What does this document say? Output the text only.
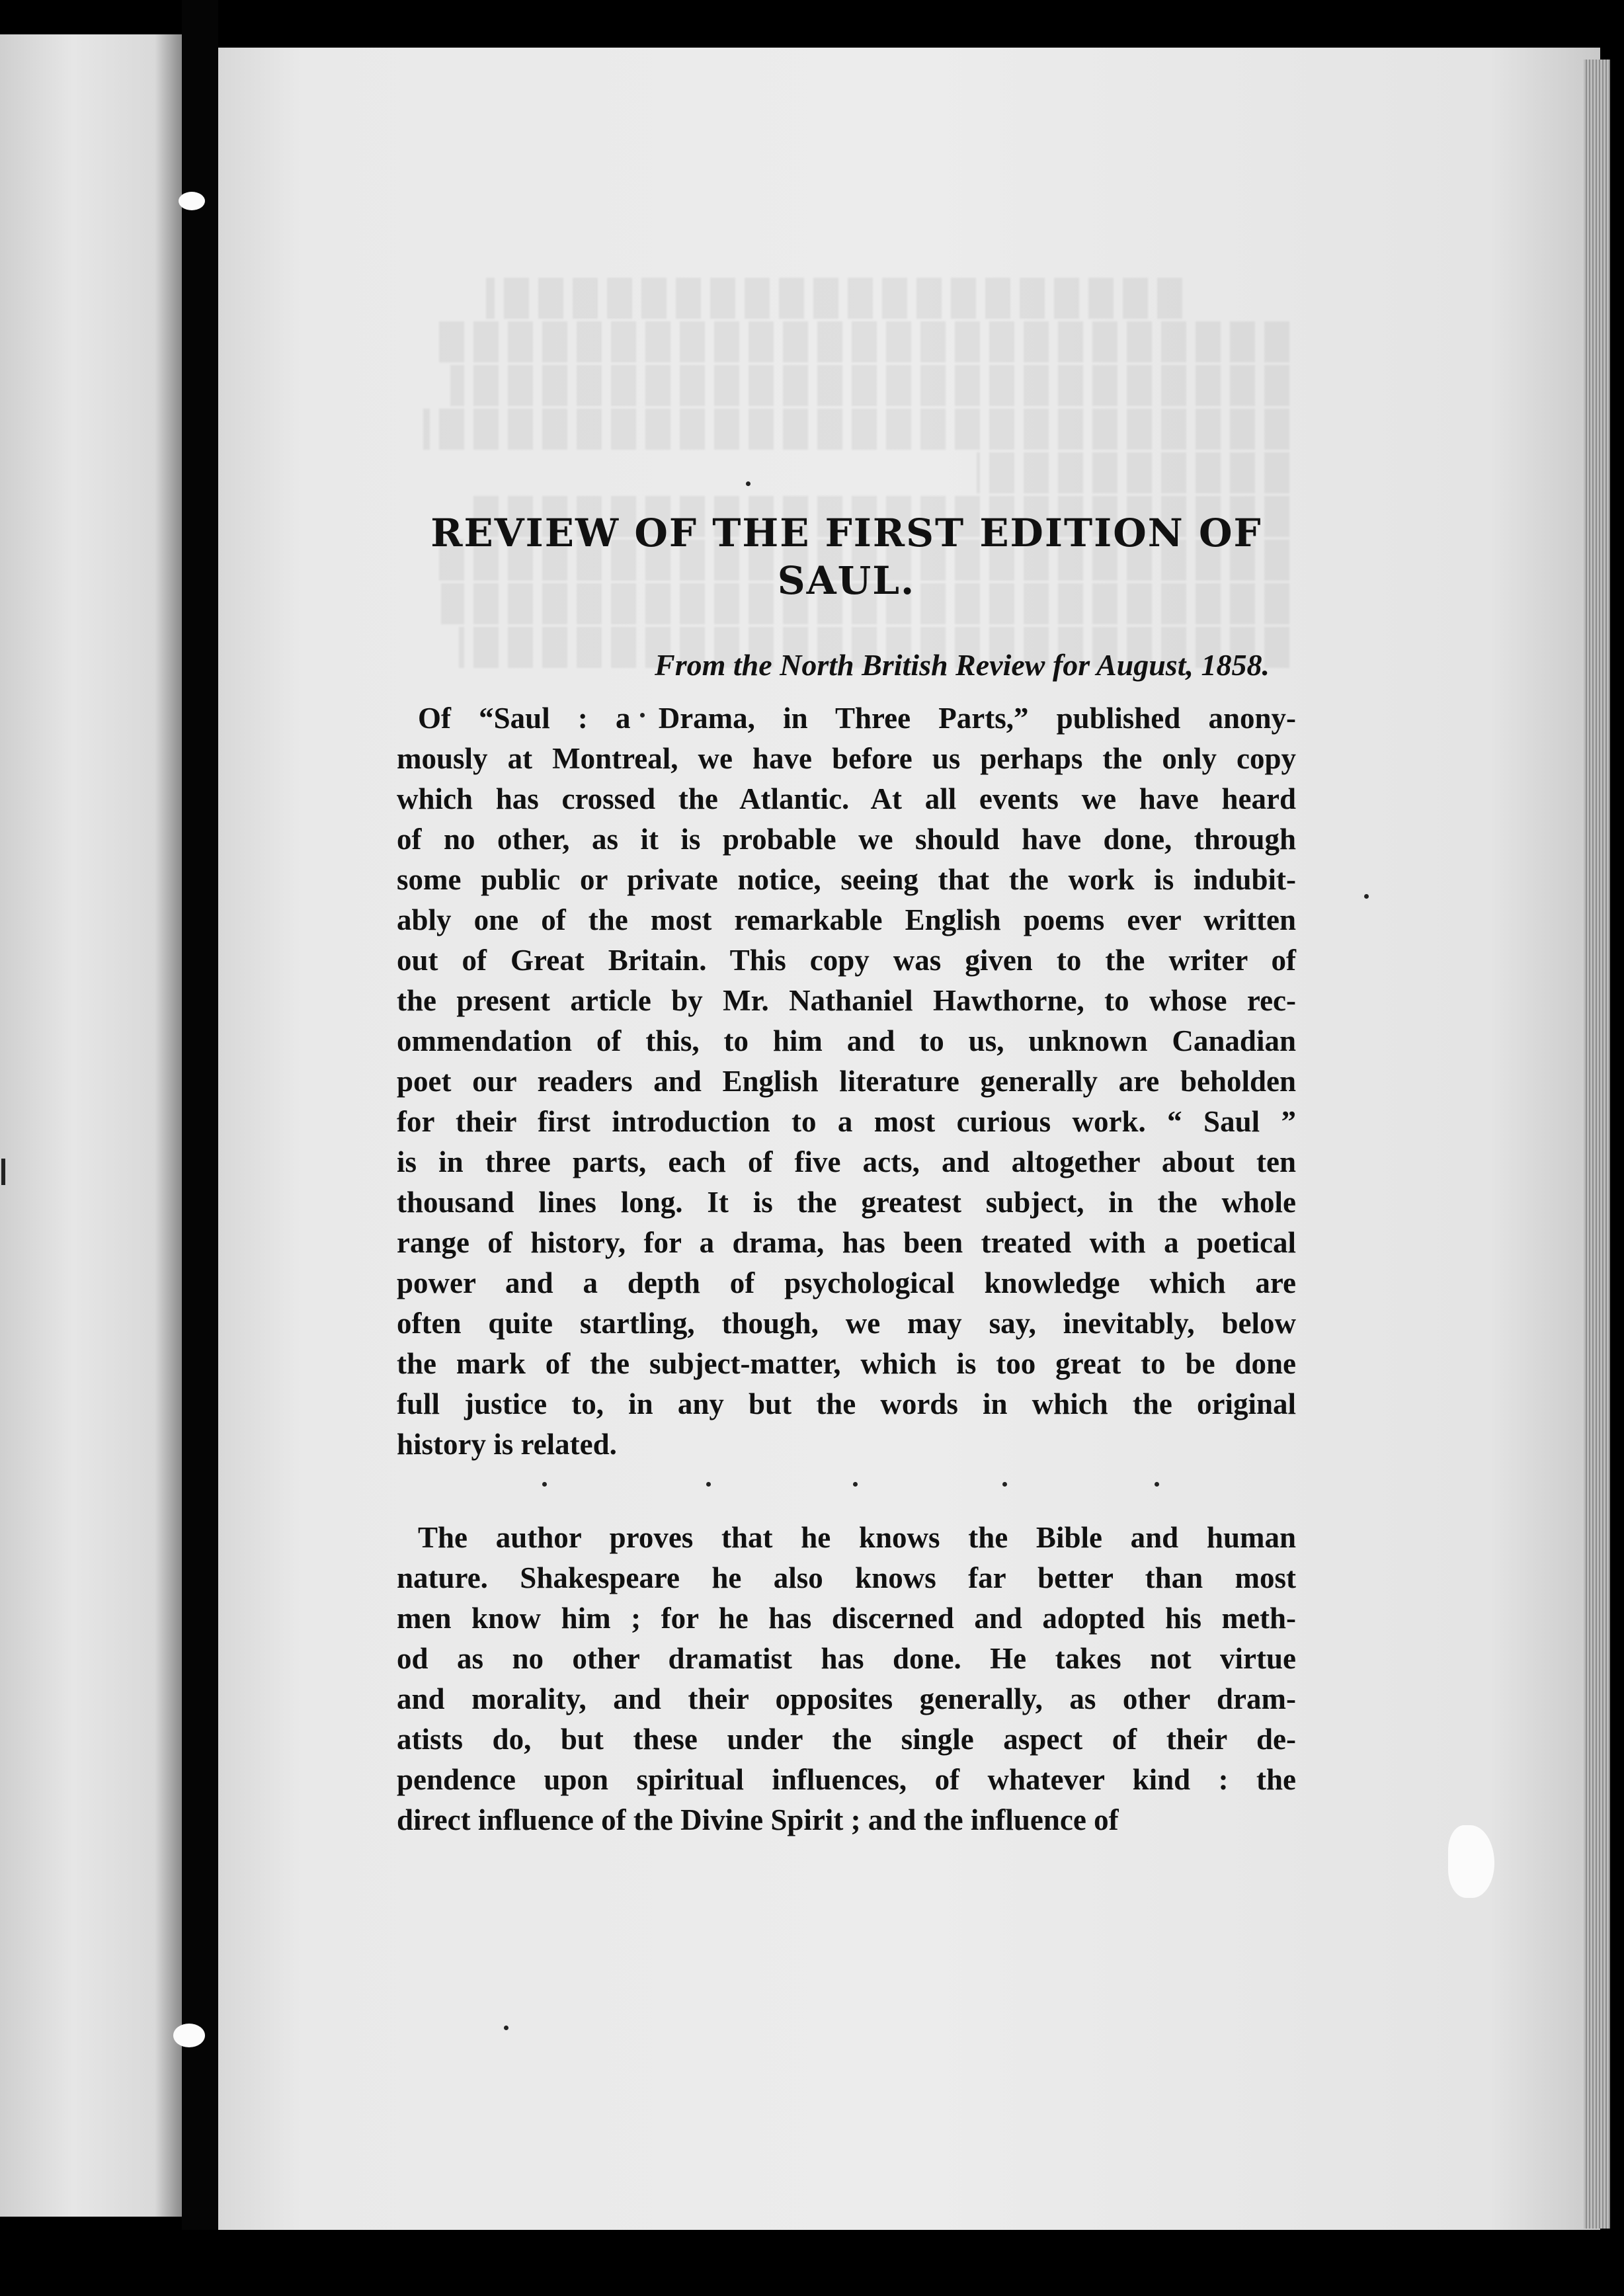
REVIEW OF THE FIRST EDITION OF
SAUL.
From the North British Review for August, 1858.
Of “Saul : a Drama, in Three Parts,” published anony-
mously at Montreal, we have before us perhaps the only copy
which has crossed the Atlantic. At all events we have heard
of no other, as it is probable we should have done, through
some public or private notice, seeing that the work is indubit-
ably one of the most remarkable English poems ever written
out of Great Britain. This copy was given to the writer of
the present article by Mr. Nathaniel Hawthorne, to whose rec-
ommendation of this, to him and to us, unknown Canadian
poet our readers and English literature generally are beholden
for their first introduction to a most curious work. “ Saul ”
is in three parts, each of five acts, and altogether about ten
thousand lines long. It is the greatest subject, in the whole
range of history, for a drama, has been treated with a poetical
power and a depth of psychological knowledge which are
often quite startling, though, we may say, inevitably, below
the mark of the subject-matter, which is too great to be done
full justice to, in any but the words in which the original
history is related.
The author proves that he knows the Bible and human
nature. Shakespeare he also knows far better than most
men know him ; for he has discerned and adopted his meth-
od as no other dramatist has done. He takes not virtue
and morality, and their opposites generally, as other dram-
atists do, but these under the single aspect of their de-
pendence upon spiritual influences, of whatever kind : the
direct influence of the Divine Spirit ; and the influence of
